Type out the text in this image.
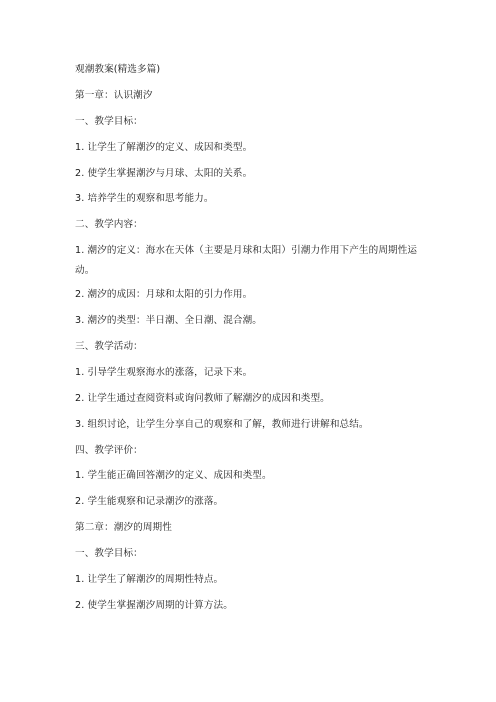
观潮教案(精选多篇)

第一章：认识潮汐

一、教学目标：

1. 让学生了解潮汐的定义、成因和类型。

2. 使学生掌握潮汐与月球、太阳的关系。

3. 培养学生的观察和思考能力。

二、教学内容：

1. 潮汐的定义：海水在天体（主要是月球和太阳）引潮力作用下产生的周期性运动。

2. 潮汐的成因：月球和太阳的引力作用。

3. 潮汐的类型：半日潮、全日潮、混合潮。

三、教学活动：

1. 引导学生观察海水的涨落，记录下来。

2. 让学生通过查阅资料或询问教师了解潮汐的成因和类型。

3. 组织讨论，让学生分享自己的观察和了解，教师进行讲解和总结。

四、教学评价：

1. 学生能正确回答潮汐的定义、成因和类型。

2. 学生能观察和记录潮汐的涨落。

第二章：潮汐的周期性

一、教学目标：

1. 让学生了解潮汐的周期性特点。

2. 使学生掌握潮汐周期的计算方法。
